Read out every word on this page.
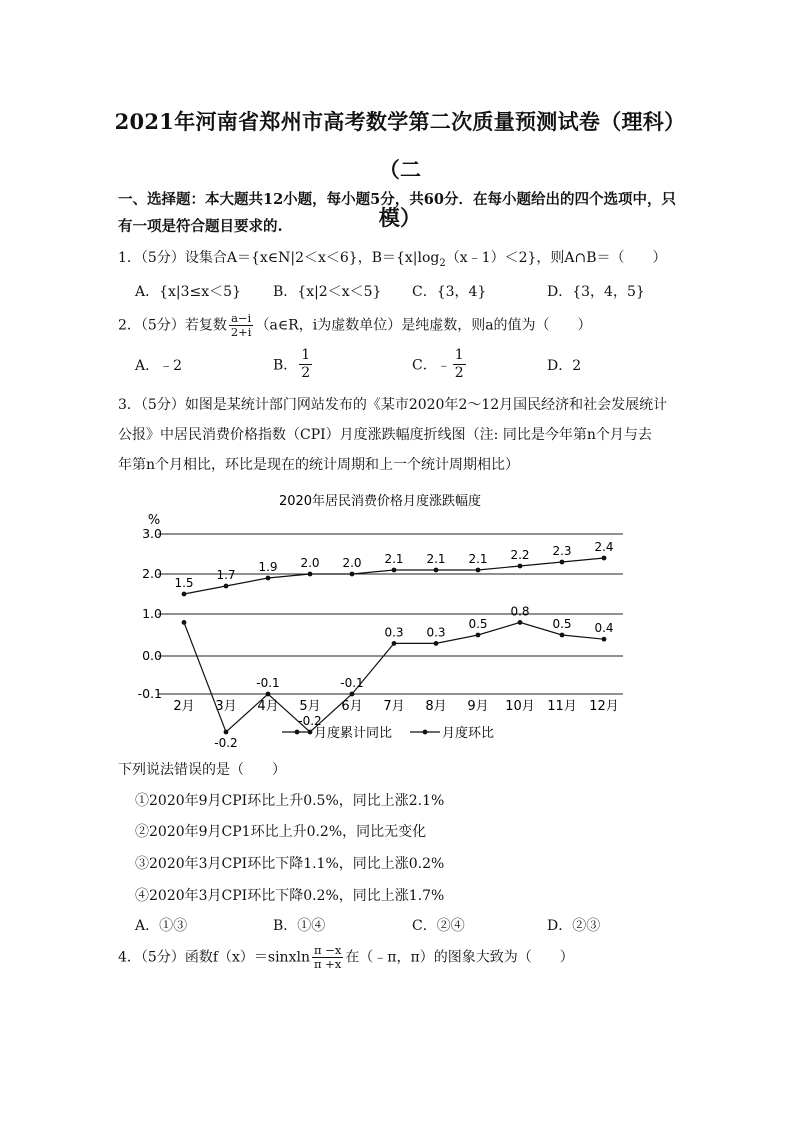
2021年河南省郑州市高考数学第二次质量预测试卷（理科）（二
模）
一、选择题：本大题共12小题，每小题5分，共60分．在每小题给出的四个选项中，只
有一项是符合题目要求的.
1．（5分）设集合A＝{x∈N|2＜x＜6}，$B=\{x|\log_2(x﹣1)<2\}$，则A∩B＝（　　）
A．{x|3≤x＜5} B．{x|2＜x＜5} C．{3，4}	D．{3，4，5}
2．（5分）若复数 $\frac{a-i}{2+i}$ （a∈R，i为虚数单位）是纯虚数，则a的值为（　　）
A．﹣2	B． $\frac{1}{2}$	C．﹣ $\frac{1}{2}$	D．2
3．（5分）如图是某统计部门网站发布的《某市2020年2～12月国民经济和社会发展统计
公报》中居民消费价格指数（CPI）月度涨跌幅度折线图（注: 同比是今年第n个月与去
年第n个月相比，环比是现在的统计周期和上一个统计周期相比）
2020年居民消费价格月度涨跌幅度
%
3.0
2.0
1.0
0.0
-0.1
2月 3月 4月 5月 6月 7月 8月 9月 10月 11月 12月
1.5
1.7
1.9 2.0 2.0 2.1 2.1 2.1 2.2 2.3 2.4
-0.2
-0.1
-0.2
-0.1
0.3 0.3
0.5
0.8
0.5 0.4
月度累计同比	月度环比
下列说法错误的是（　　）
①2020年9月CPI环比上升0.5%，同比上涨2.1%
②2020年9月CP1环比上升0.2%，同比无变化
③2020年3月CPI环比下降1.1%，同比上涨0.2%
④2020年3月CPI环比下降0.2%，同比上涨1.7%
A．①③	B．①④	C．②④	D．②③
4．（5分）函数f（x）＝sinxln $\frac{\pi -x}{\pi +x}$ 在（﹣π，π）的图象大致为（　　）
